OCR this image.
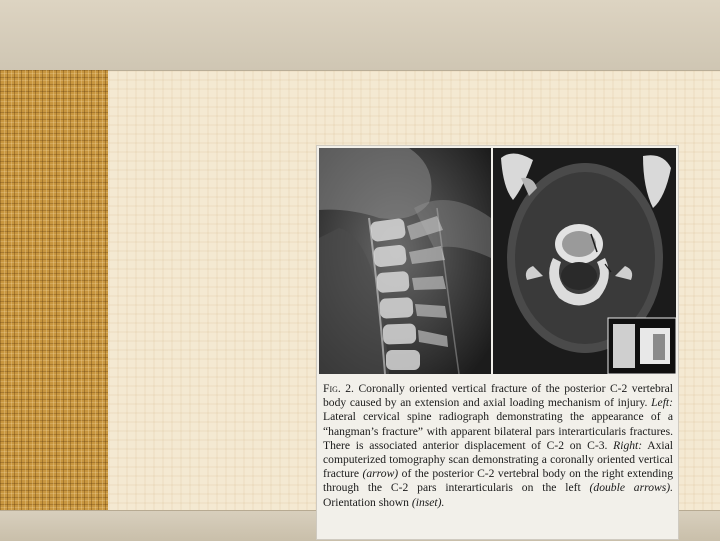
Fig. 2. Coronally oriented vertical fracture of the posterior C-2 vertebral body caused by an extension and axial loading mechanism of injury. Left: Lateral cervical spine radiograph demonstrating the appearance of a “hangman’s fracture” with apparent bilateral pars interarticularis fractures. There is associated anterior displacement of C-2 on C-3. Right: Axial computerized tomography scan demonstrating a coronally oriented vertical fracture (arrow) of the posterior C-2 vertebral body on the right extending through the C-2 pars interarticularis on the left (double arrows). Orientation shown (inset).
